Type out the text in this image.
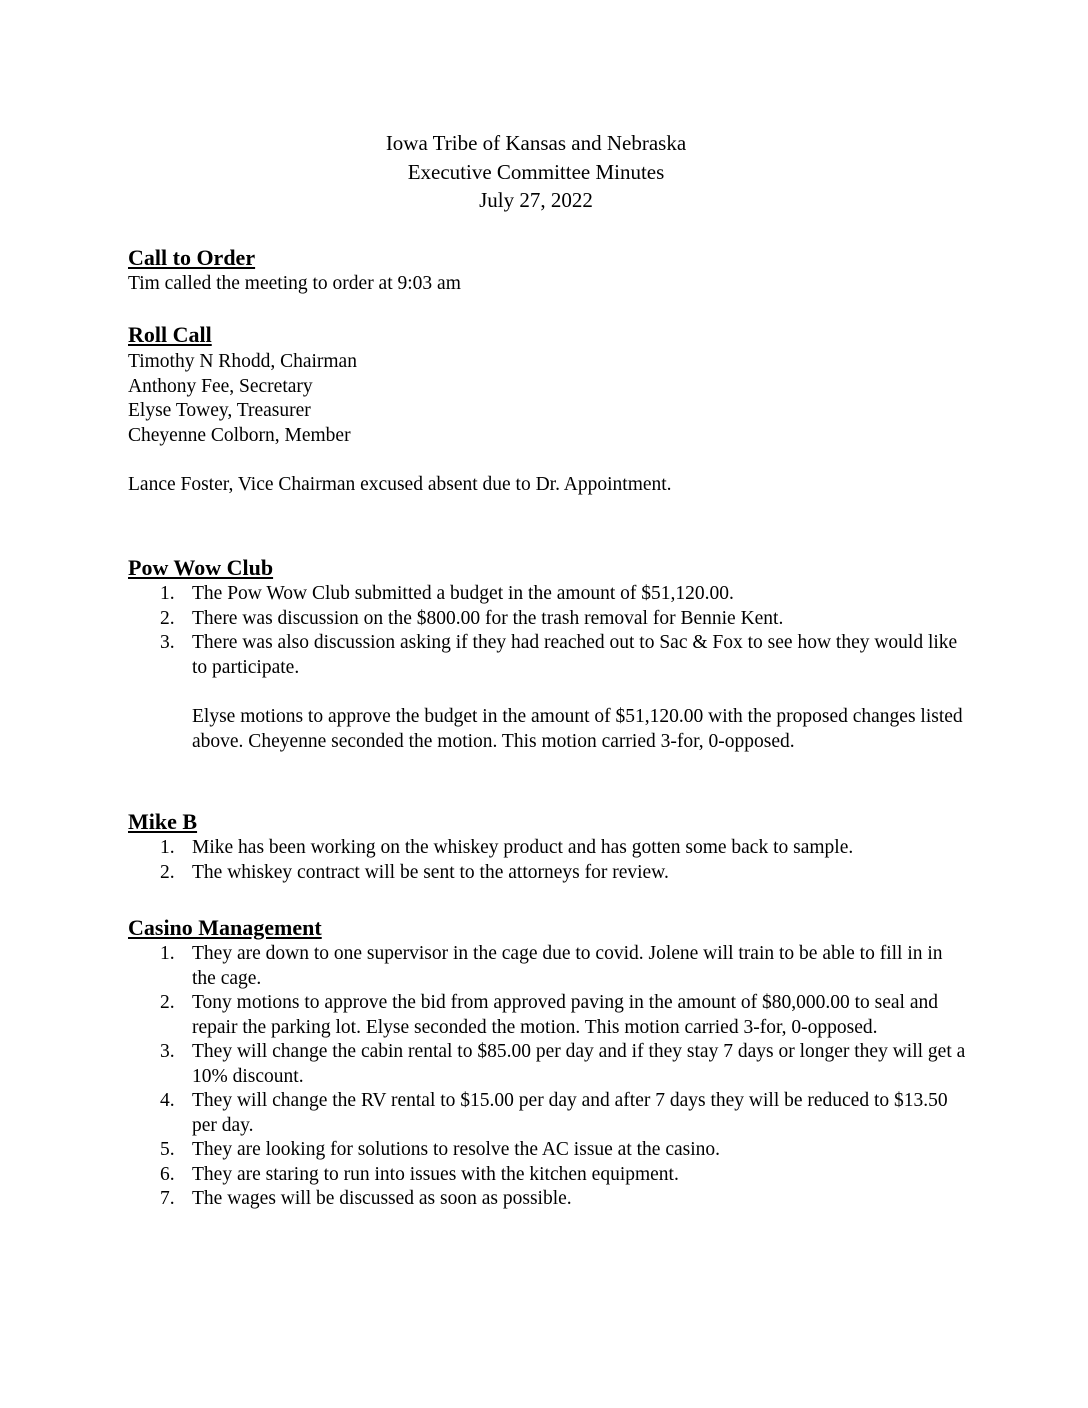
Iowa Tribe of Kansas and Nebraska
Executive Committee Minutes
July 27, 2022
Call to Order
Tim called the meeting to order at 9:03 am
Roll Call
Timothy N Rhodd, Chairman
Anthony Fee, Secretary
Elyse Towey, Treasurer
Cheyenne Colborn, Member
Lance Foster, Vice Chairman excused absent due to Dr. Appointment.
Pow Wow Club
1. The Pow Wow Club submitted a budget in the amount of $51,120.00.
2. There was discussion on the $800.00 for the trash removal for Bennie Kent.
3. There was also discussion asking if they had reached out to Sac & Fox to see how they would like to participate.
Elyse motions to approve the budget in the amount of $51,120.00 with the proposed changes listed above. Cheyenne seconded the motion. This motion carried 3-for, 0-opposed.
Mike B
1. Mike has been working on the whiskey product and has gotten some back to sample.
2. The whiskey contract will be sent to the attorneys for review.
Casino Management
1. They are down to one supervisor in the cage due to covid. Jolene will train to be able to fill in in the cage.
2. Tony motions to approve the bid from approved paving in the amount of $80,000.00 to seal and repair the parking lot. Elyse seconded the motion. This motion carried 3-for, 0-opposed.
3. They will change the cabin rental to $85.00 per day and if they stay 7 days or longer they will get a 10% discount.
4. They will change the RV rental to $15.00 per day and after 7 days they will be reduced to $13.50 per day.
5. They are looking for solutions to resolve the AC issue at the casino.
6. They are staring to run into issues with the kitchen equipment.
7. The wages will be discussed as soon as possible.
